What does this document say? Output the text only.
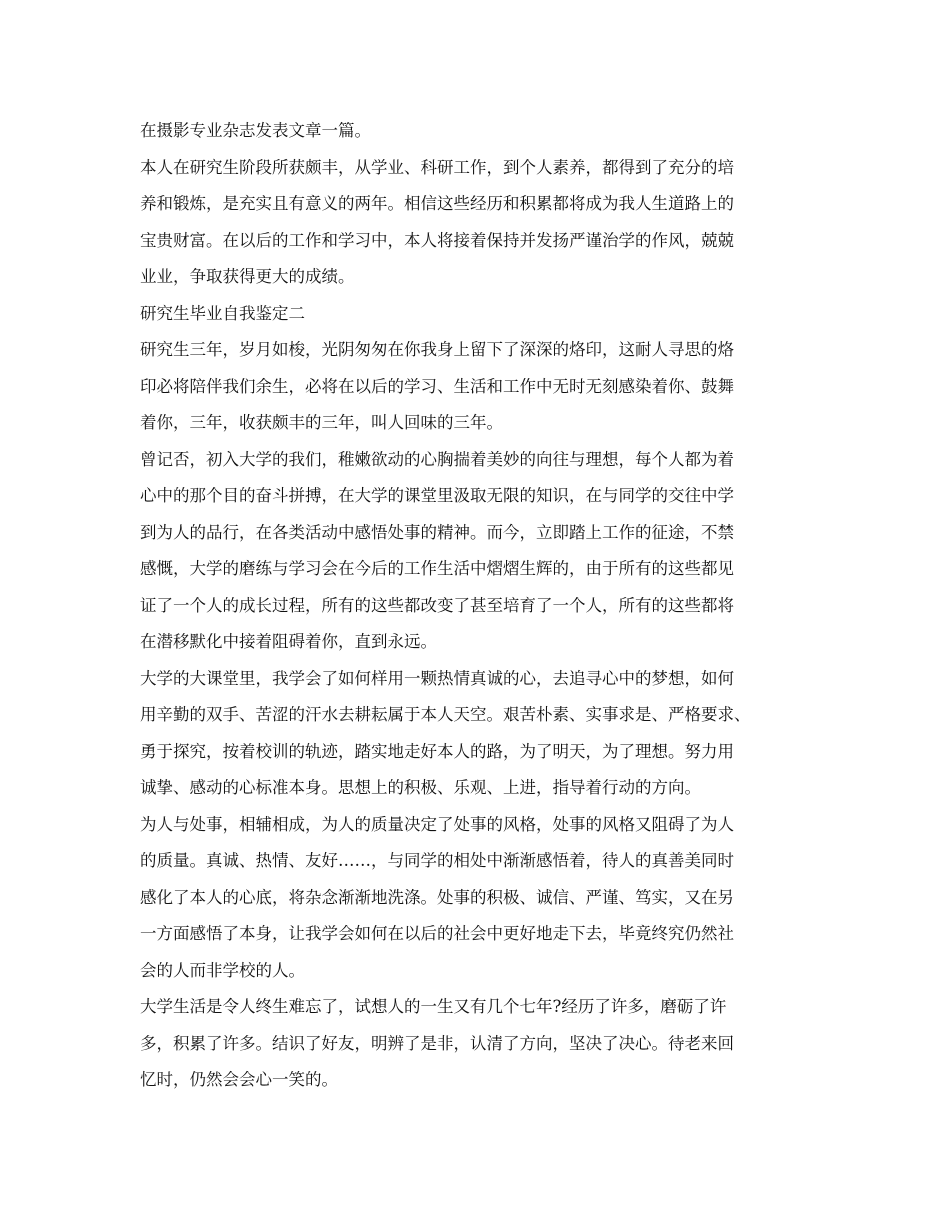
在摄影专业杂志发表文章一篇。
本人在研究生阶段所获颇丰，从学业、科研工作，到个人素养，都得到了充分的培
养和锻炼，是充实且有意义的两年。相信这些经历和积累都将成为我人生道路上的
宝贵财富。在以后的工作和学习中，本人将接着保持并发扬严谨治学的作风，兢兢
业业，争取获得更大的成绩。
研究生毕业自我鉴定二
研究生三年，岁月如梭，光阴匆匆在你我身上留下了深深的烙印，这耐人寻思的烙
印必将陪伴我们余生，必将在以后的学习、生活和工作中无时无刻感染着你、鼓舞
着你，三年，收获颇丰的三年，叫人回味的三年。
曾记否，初入大学的我们，稚嫩欲动的心胸揣着美妙的向往与理想，每个人都为着
心中的那个目的奋斗拼搏，在大学的课堂里汲取无限的知识，在与同学的交往中学
到为人的品行，在各类活动中感悟处事的精神。而今，立即踏上工作的征途，不禁
感慨，大学的磨练与学习会在今后的工作生活中熠熠生辉的，由于所有的这些都见
证了一个人的成长过程，所有的这些都改变了甚至培育了一个人，所有的这些都将
在潜移默化中接着阻碍着你，直到永远。
大学的大课堂里，我学会了如何样用一颗热情真诚的心，去追寻心中的梦想，如何
用辛勤的双手、苦涩的汗水去耕耘属于本人天空。艰苦朴素、实事求是、严格要求、
勇于探究，按着校训的轨迹，踏实地走好本人的路，为了明天，为了理想。努力用
诚挚、感动的心标准本身。思想上的积极、乐观、上进，指导着行动的方向。
为人与处事，相辅相成，为人的质量决定了处事的风格，处事的风格又阻碍了为人
的质量。真诚、热情、友好……，与同学的相处中渐渐感悟着，待人的真善美同时
感化了本人的心底，将杂念渐渐地洗涤。处事的积极、诚信、严谨、笃实，又在另
一方面感悟了本身，让我学会如何在以后的社会中更好地走下去，毕竟终究仍然社
会的人而非学校的人。
大学生活是令人终生难忘了，试想人的一生又有几个七年?经历了许多，磨砺了许
多，积累了许多。结识了好友，明辨了是非，认清了方向，坚决了决心。待老来回
忆时，仍然会会心一笑的。
